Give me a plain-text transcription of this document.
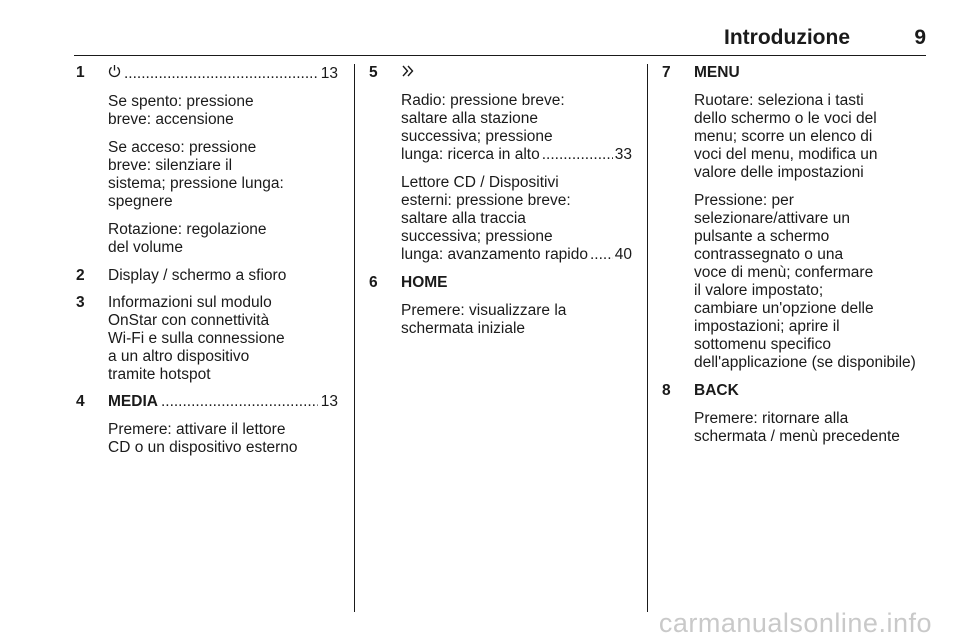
Introduzione	9
1 .....	13
Se spento: pressione
breve: accensione
Se acceso: pressione
breve: silenziare il
sistema; pressione lunga:
spegnere
Rotazione: regolazione
del volume
2 Display / schermo a sfioro
3 Informazioni sul modulo
OnStar con connettività
Wi-Fi e sulla connessione
a un altro dispositivo
tramite hotspot
4 MEDIA .....	13
Premere: attivare il lettore
CD o un dispositivo esterno
5
Radio: pressione breve:
saltare alla stazione
successiva; pressione
lunga: ricerca in alto .....	33
Lettore CD / Dispositivi
esterni: pressione breve:
saltare alla traccia
successiva; pressione
lunga: avanzamento rapido ..... 40
6 HOME
Premere: visualizzare la
schermata iniziale
7 MENU
Ruotare: seleziona i tasti
dello schermo o le voci del
menu; scorre un elenco di
voci del menu, modifica un
valore delle impostazioni
Pressione: per
selezionare/attivare un
pulsante a schermo
contrassegnato o una
voce di menù; confermare
il valore impostato;
cambiare un'opzione delle
impostazioni; aprire il
sottomenu specifico
dell'applicazione (se disponibile)
8 BACK
Premere: ritornare alla
schermata / menù precedente
carmanualsonline.info
